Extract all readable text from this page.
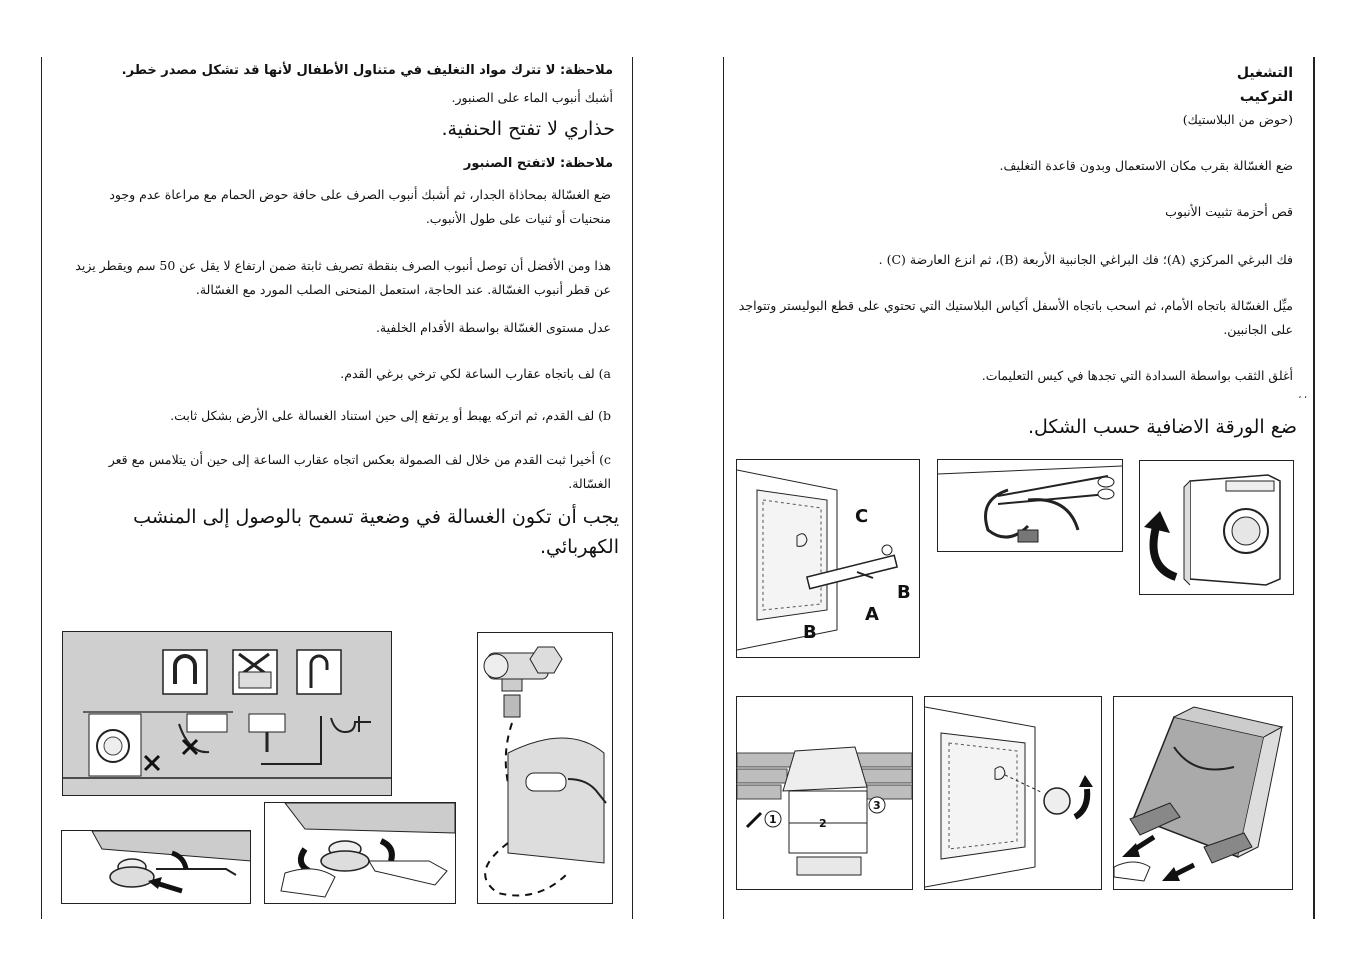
ملاحظة: لا تترك مواد التغليف في متناول الأطفال لأنها قد تشكل مصدر خطر.

أشبك أنبوب الماء على الصنبور.

حذاري لا تفتح الحنفية.

ملاحظة: لاتفتح الصنبور

ضع الغسّالة بمحاذاة الجدار، ثم أشبك أنبوب الصرف على حافة حوض الحمام مع مراعاة عدم وجود منحنيات أو ثنيات على طول الأنبوب.

هذا ومن الأفضل أن توصل أنبوب الصرف بنقطة تصريف ثابتة ضمن ارتفاع لا يقل عن 50 سم ويقطر يزيد عن قطر أنبوب الغسّالة. عند الحاجة، استعمل المنحنى الصلب المورد مع الغسّالة.

عدل مستوى الغسّالة بواسطة الأقدام الخلفية.

a) لف باتجاه عقارب الساعة لكي ترخي برغي القدم.

b) لف القدم، ثم اتركه يهبط أو يرتفع إلى حين استناد الغسالة على الأرض بشكل ثابت.

c) أخيرا ثبت القدم من خلال لف الصمولة بعكس اتجاه عقارب الساعة إلى حين أن يتلامس مع قعر الغسّالة.

يجب أن تكون الغسالة في وضعية تسمح بالوصول إلى المنشب الكهربائي.

التشغيل

التركيب

(حوض من البلاستيك)

ضع الغسّالة بقرب مكان الاستعمال وبدون قاعدة التغليف.

قص أحزمة تثبيت الأنبوب

فك البرغي المركزي (A)؛ فك البراغي الجانبية الأربعة (B)، ثم انزع العارضة (C) .

ميِّل الغسّالة باتجاه الأمام، ثم اسحب باتجاه الأسفل أكياس البلاستيك التي تحتوي على قطع البوليستر وتتواجد على الجانبين.

أغلق الثقب بواسطة السدادة التي تجدها في كيس التعليمات.

، ،

ضع الورقة الاضافية حسب الشكل.

C
B
A
B
1	2
3
